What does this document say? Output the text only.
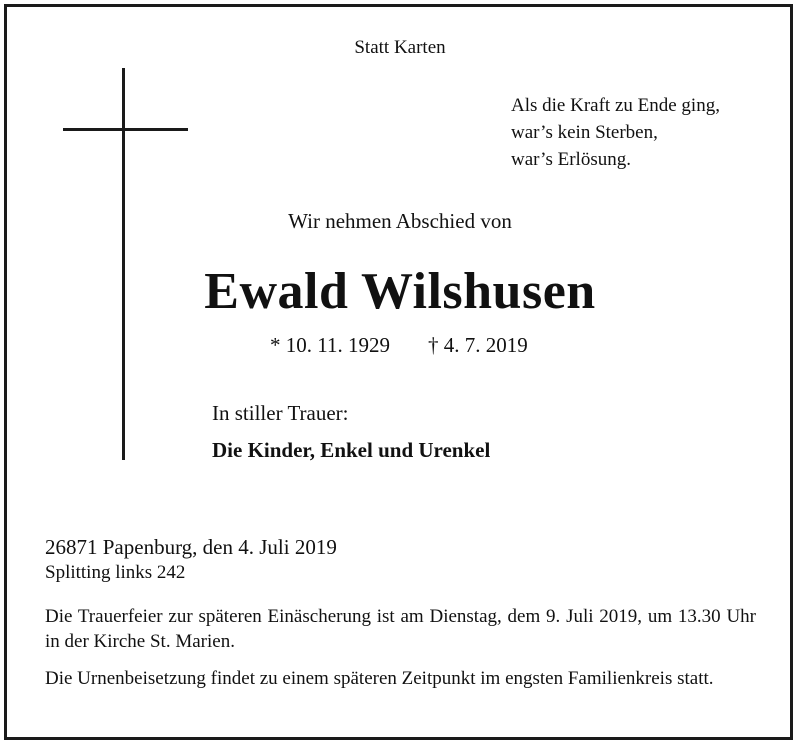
Statt Karten
Als die Kraft zu Ende ging,
war’s kein Sterben,
war’s Erlösung.
Wir nehmen Abschied von
Ewald Wilshusen
* 10. 11. 1929 † 4. 7. 2019
In stiller Trauer:
Die Kinder, Enkel und Urenkel
26871 Papenburg, den 4. Juli 2019
Splitting links 242
Die Trauerfeier zur späteren Einäscherung ist am Dienstag, dem 9. Juli 2019, um 13.30 Uhr in der Kirche St. Marien.
Die Urnenbeisetzung findet zu einem späteren Zeitpunkt im engsten Familienkreis statt.
